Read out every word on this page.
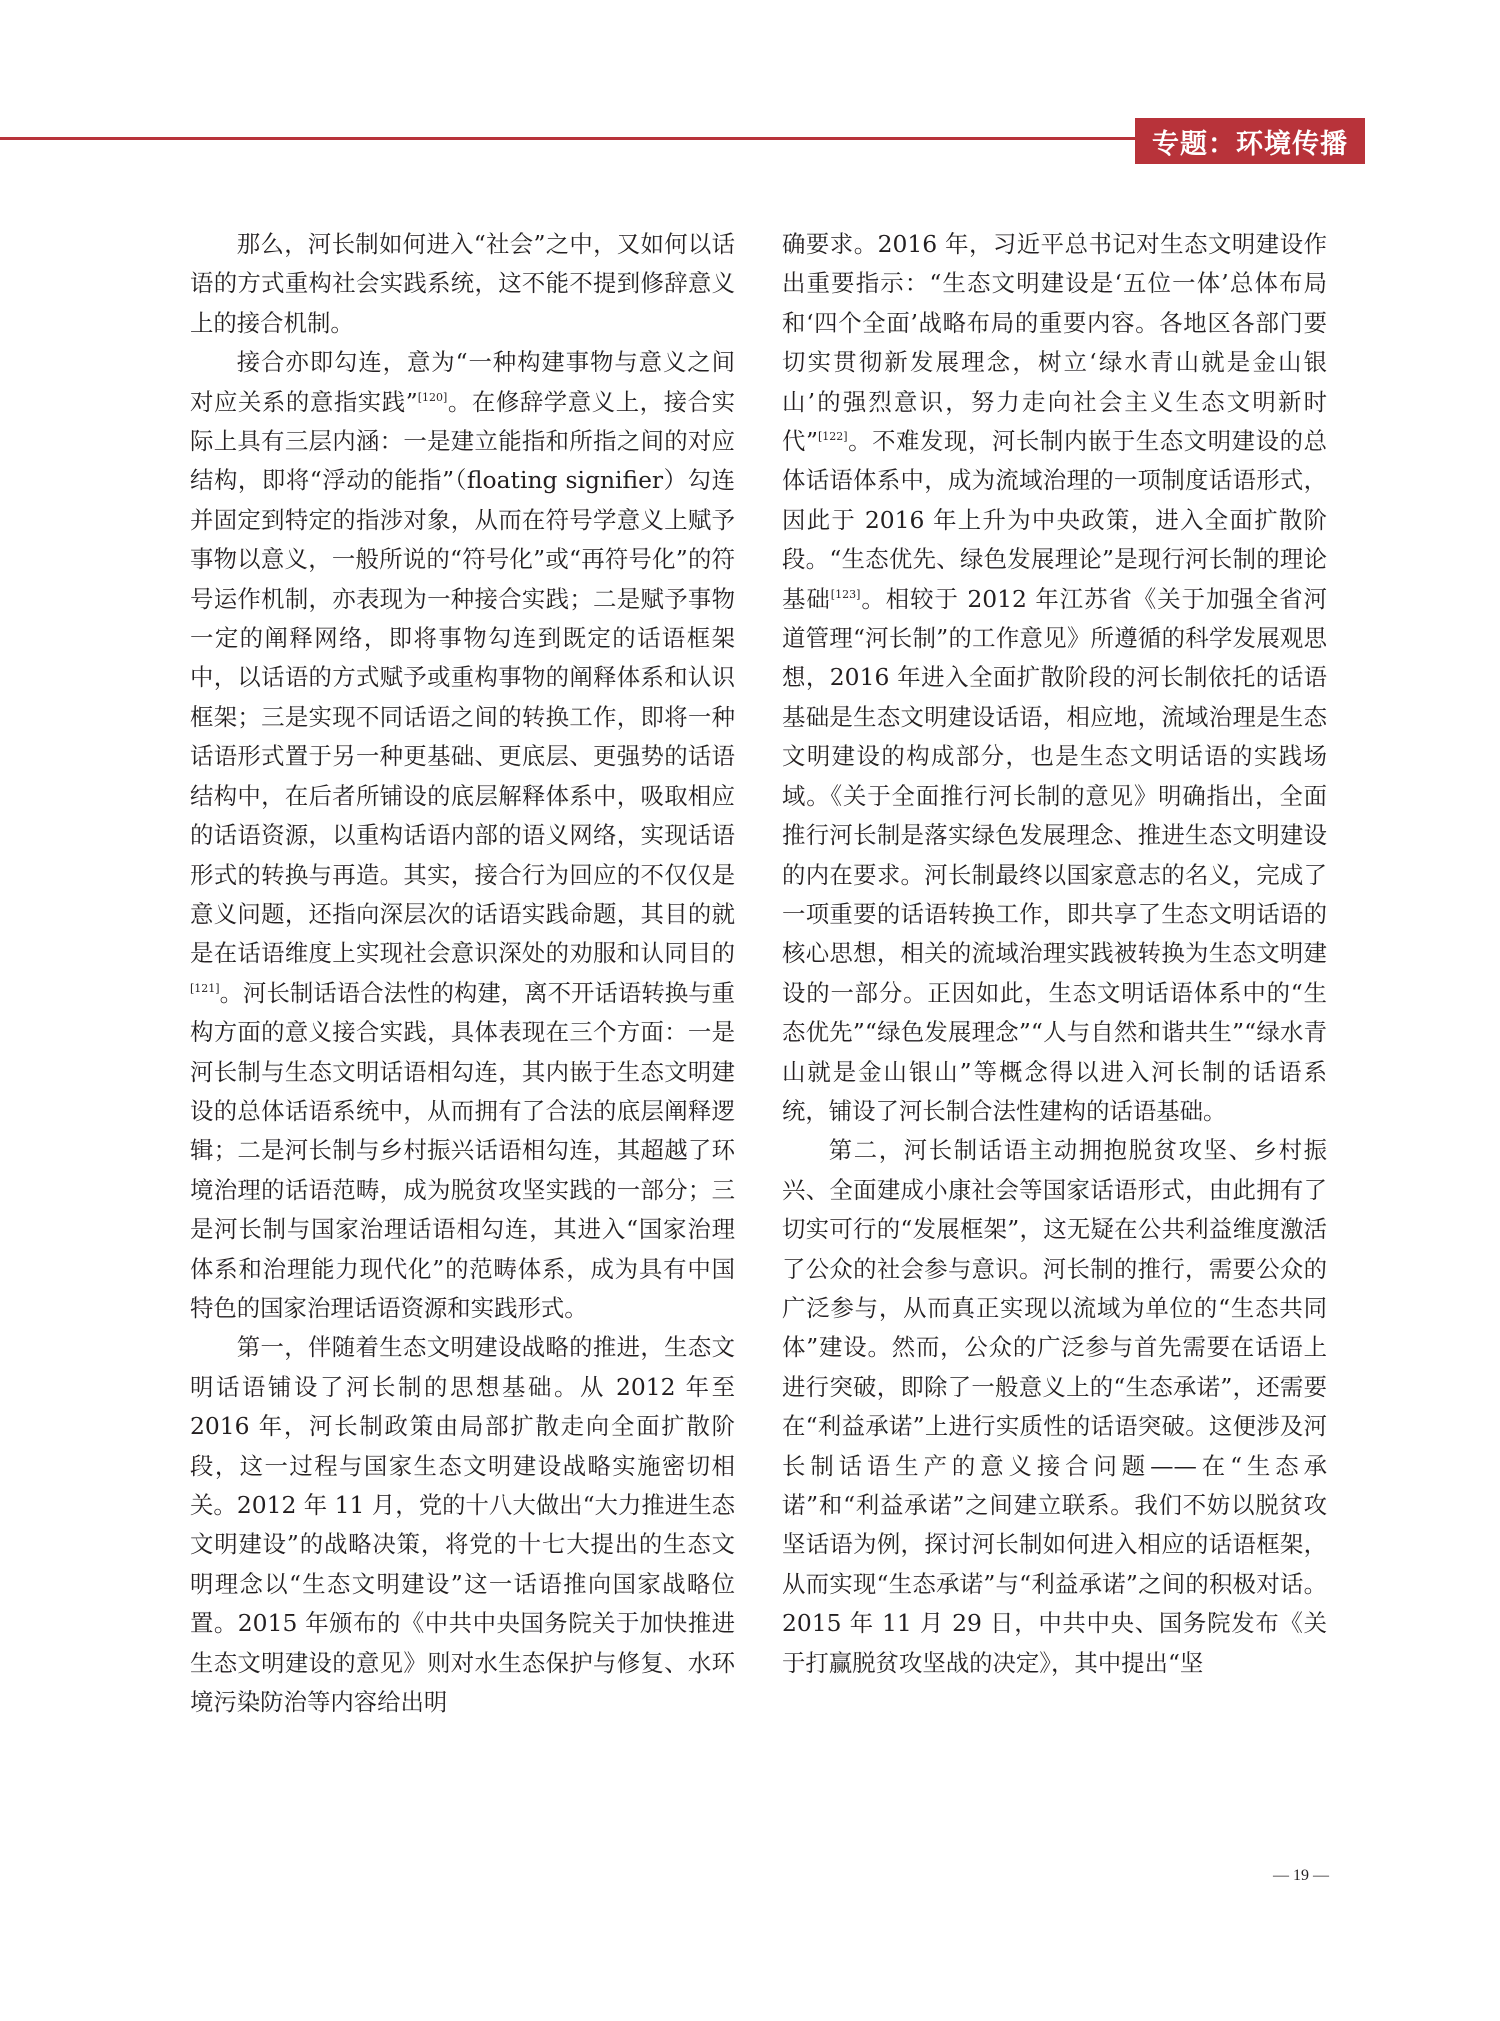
专题：环境传播

那么，河长制如何进入“社会”之中，又如何以话语的方式重构社会实践系统，这不能不提到修辞意义上的接合机制。

接合亦即勾连，意为“一种构建事物与意义之间对应关系的意指实践”[120]。在修辞学意义上，接合实际上具有三层内涵：一是建立能指和所指之间的对应结构，即将“浮动的能指”（floating signifier）勾连并固定到特定的指涉对象，从而在符号学意义上赋予事物以意义，一般所说的“符号化”或“再符号化”的符号运作机制，亦表现为一种接合实践；二是赋予事物一定的阐释网络，即将事物勾连到既定的话语框架中，以话语的方式赋予或重构事物的阐释体系和认识框架；三是实现不同话语之间的转换工作，即将一种话语形式置于另一种更基础、更底层、更强势的话语结构中，在后者所铺设的底层解释体系中，吸取相应的话语资源，以重构话语内部的语义网络，实现话语形式的转换与再造。其实，接合行为回应的不仅仅是意义问题，还指向深层次的话语实践命题，其目的就是在话语维度上实现社会意识深处的劝服和认同目的[121]。河长制话语合法性的构建，离不开话语转换与重构方面的意义接合实践，具体表现在三个方面：一是河长制与生态文明话语相勾连，其内嵌于生态文明建设的总体话语系统中，从而拥有了合法的底层阐释逻辑；二是河长制与乡村振兴话语相勾连，其超越了环境治理的话语范畴，成为脱贫攻坚实践的一部分；三是河长制与国家治理话语相勾连，其进入“国家治理体系和治理能力现代化”的范畴体系，成为具有中国特色的国家治理话语资源和实践形式。

第一，伴随着生态文明建设战略的推进，生态文明话语铺设了河长制的思想基础。从 2012 年至 2016 年，河长制政策由局部扩散走向全面扩散阶段，这一过程与国家生态文明建设战略实施密切相关。2012 年 11 月，党的十八大做出“大力推进生态文明建设”的战略决策，将党的十七大提出的生态文明理念以“生态文明建设”这一话语推向国家战略位置。2015 年颁布的《中共中央国务院关于加快推进生态文明建设的意见》则对水生态保护与修复、水环境污染防治等内容给出明

确要求。2016 年，习近平总书记对生态文明建设作出重要指示：“生态文明建设是‘五位一体’总体布局和‘四个全面’战略布局的重要内容。各地区各部门要切实贯彻新发展理念，树立‘绿水青山就是金山银山’的强烈意识，努力走向社会主义生态文明新时代”[122]。不难发现，河长制内嵌于生态文明建设的总体话语体系中，成为流域治理的一项制度话语形式，因此于 2016 年上升为中央政策，进入全面扩散阶段。“生态优先、绿色发展理论”是现行河长制的理论基础[123]。相较于 2012 年江苏省《关于加强全省河道管理“河长制”的工作意见》所遵循的科学发展观思想，2016 年进入全面扩散阶段的河长制依托的话语基础是生态文明建设话语，相应地，流域治理是生态文明建设的构成部分，也是生态文明话语的实践场域。《关于全面推行河长制的意见》明确指出，全面推行河长制是落实绿色发展理念、推进生态文明建设的内在要求。河长制最终以国家意志的名义，完成了一项重要的话语转换工作，即共享了生态文明话语的核心思想，相关的流域治理实践被转换为生态文明建设的一部分。正因如此，生态文明话语体系中的“生态优先”“绿色发展理念”“人与自然和谐共生”“绿水青山就是金山银山”等概念得以进入河长制的话语系统，铺设了河长制合法性建构的话语基础。

第二，河长制话语主动拥抱脱贫攻坚、乡村振兴、全面建成小康社会等国家话语形式，由此拥有了切实可行的“发展框架”，这无疑在公共利益维度激活了公众的社会参与意识。河长制的推行，需要公众的广泛参与，从而真正实现以流域为单位的“生态共同体”建设。然而，公众的广泛参与首先需要在话语上进行突破，即除了一般意义上的“生态承诺”，还需要在“利益承诺”上进行实质性的话语突破。这便涉及河长制话语生产的意义接合问题——在“生态承诺”和“利益承诺”之间建立联系。我们不妨以脱贫攻坚话语为例，探讨河长制如何进入相应的话语框架，从而实现“生态承诺”与“利益承诺”之间的积极对话。2015 年 11 月 29 日，中共中央、国务院发布《关于打赢脱贫攻坚战的决定》，其中提出“坚

— 19 —
